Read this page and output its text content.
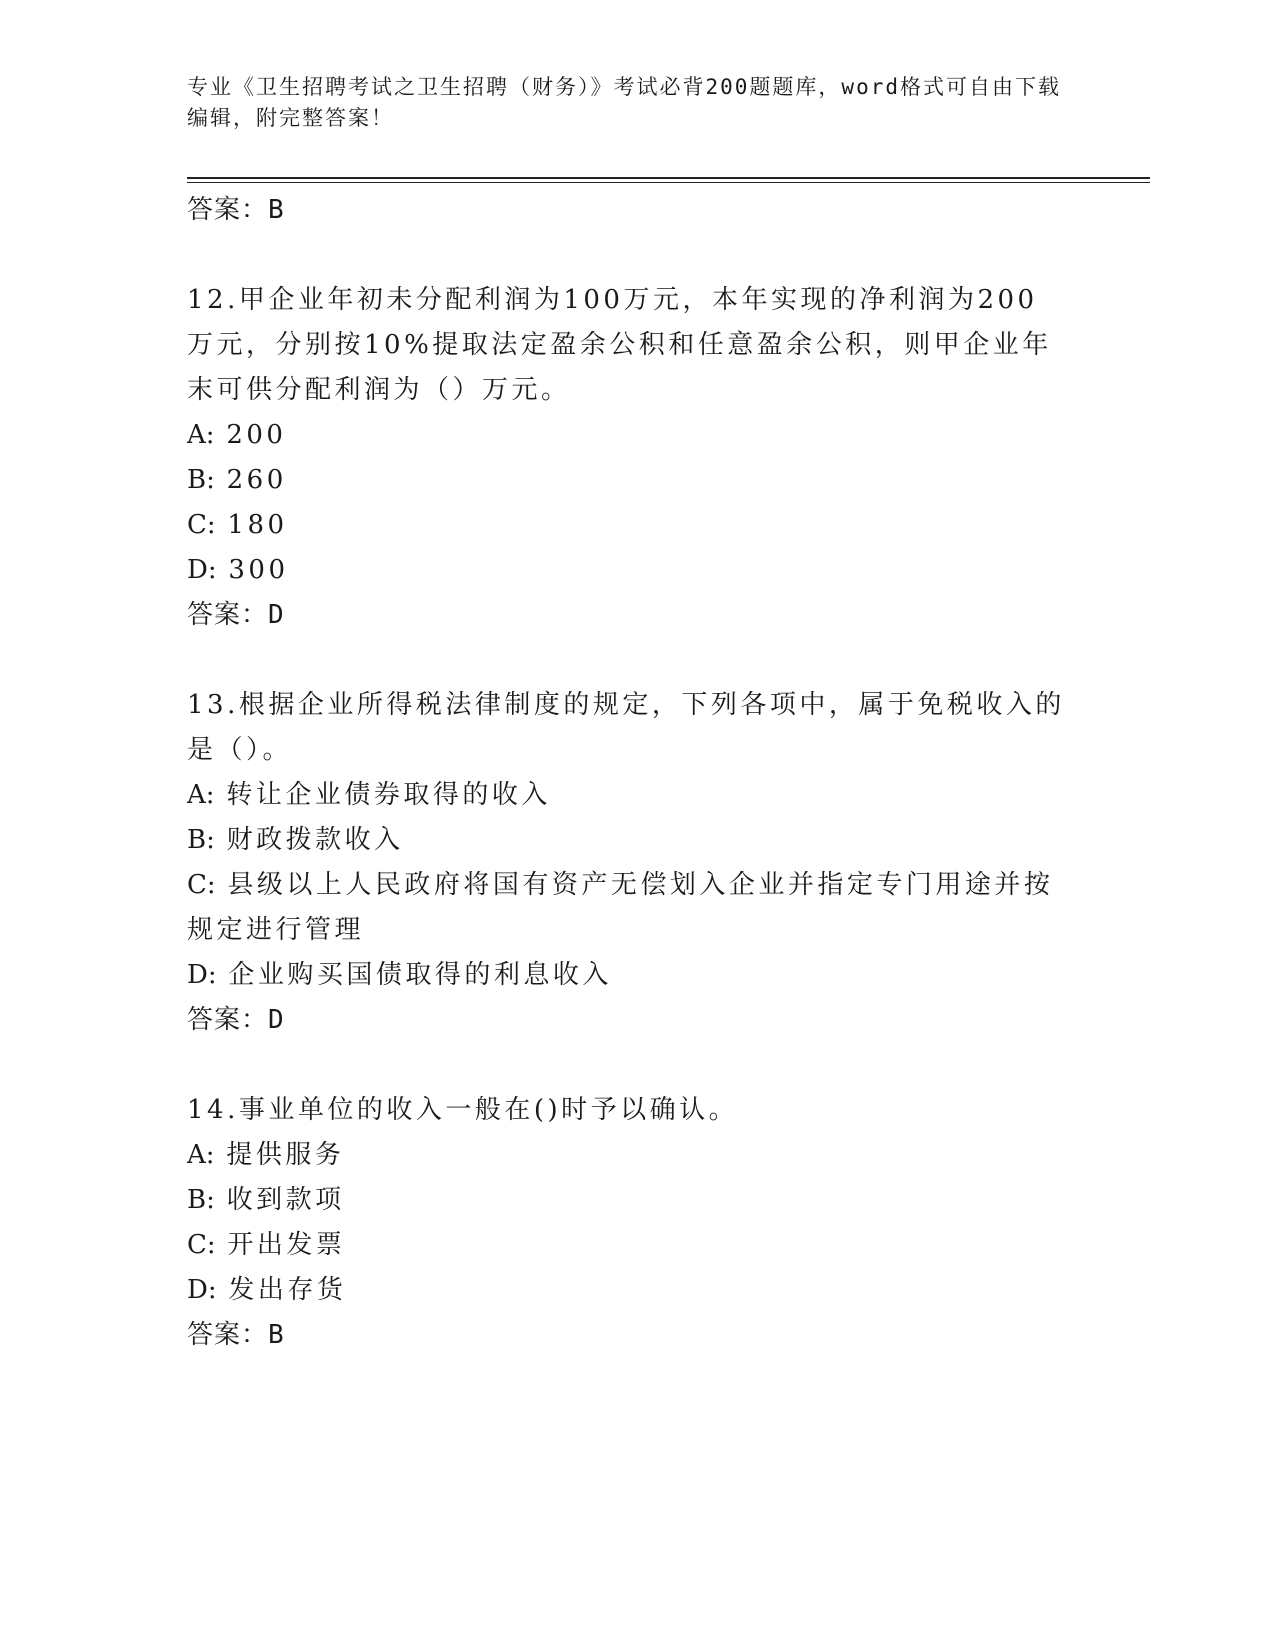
专业《卫生招聘考试之卫生招聘（财务）》考试必背200题题库，word格式可自由下载编辑，附完整答案！
答案：B
12.甲企业年初未分配利润为100万元，本年实现的净利润为200万元，分别按10%提取法定盈余公积和任意盈余公积，则甲企业年末可供分配利润为（）万元。
A: 200
B: 260
C: 180
D: 300
答案：D
13.根据企业所得税法律制度的规定，下列各项中，属于免税收入的是（）。
A: 转让企业债券取得的收入
B: 财政拨款收入
C: 县级以上人民政府将国有资产无偿划入企业并指定专门用途并按规定进行管理
D: 企业购买国债取得的利息收入
答案：D
14.事业单位的收入一般在()时予以确认。
A: 提供服务
B: 收到款项
C: 开出发票
D: 发出存货
答案：B
